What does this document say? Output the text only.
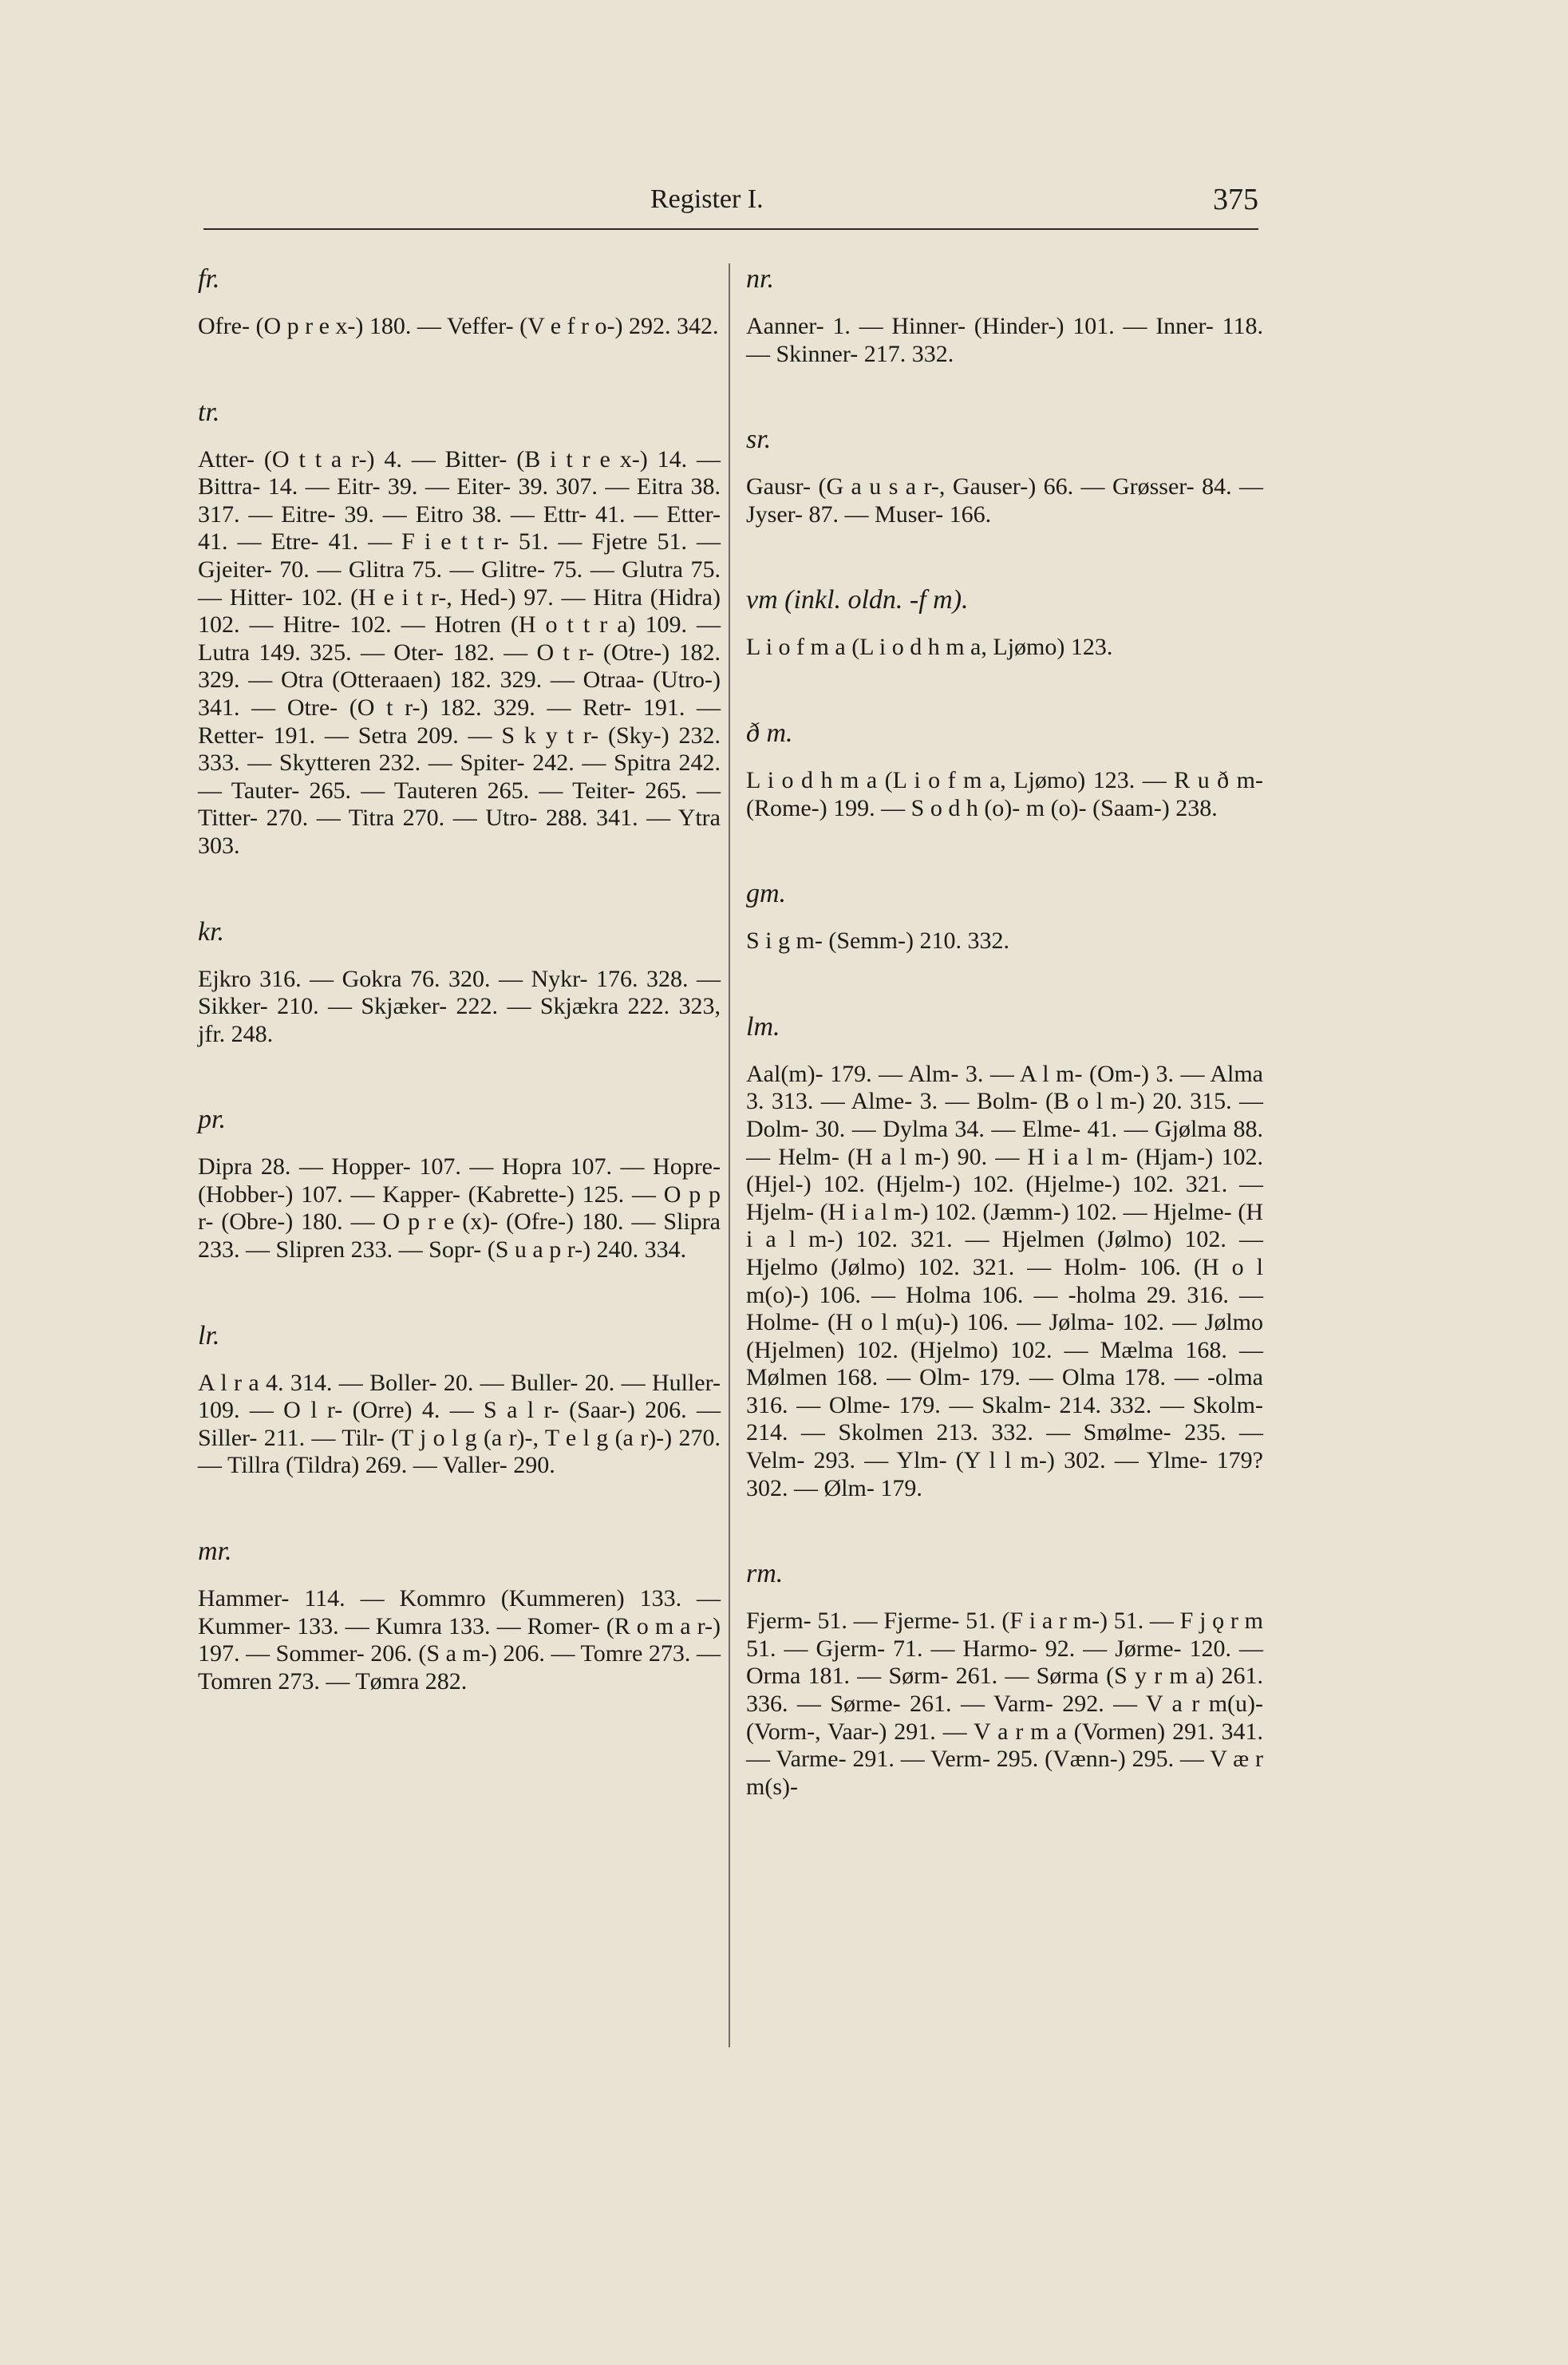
Register I.	375
fr.

Ofre- (O p r e x-) 180. — Veffer- (V e f r o-) 292. 342.

tr.

Atter- (O t t a r-) 4. — Bitter- (B i t r e x-) 14. — Bittra- 14. — Eitr- 39. — Eiter- 39. 307. — Eitra 38. 317. — Eitre- 39. — Eitro 38. — Ettr- 41. — Etter- 41. — Etre- 41. — F i e t t r- 51. — Fjetre 51. — Gjeiter- 70. — Glitra 75. — Glitre- 75. — Glutra 75. — Hitter- 102. (H e i t r-, Hed-) 97. — Hitra (Hidra) 102. — Hitre- 102. — Hotren (H o t t r a) 109. — Lutra 149. 325. — Oter- 182. — O t r- (Otre-) 182. 329. — Otra (Otteraaen) 182. 329. — Otraa- (Utro-) 341. — Otre- (O t r-) 182. 329. — Retr- 191. — Retter- 191. — Setra 209. — S k y t r- (Sky-) 232. 333. — Skytteren 232. — Spiter- 242. — Spitra 242. — Tauter- 265. — Tauteren 265. — Teiter- 265. — Titter- 270. — Titra 270. — Utro- 288. 341. — Ytra 303.

kr.

Ejkro 316. — Gokra 76. 320. — Nykr- 176. 328. — Sikker- 210. — Skjæker- 222. — Skjækra 222. 323, jfr. 248.

pr.

Dipra 28. — Hopper- 107. — Hopra 107. — Hopre- (Hobber-) 107. — Kapper- (Kabrette-) 125. — O p p r- (Obre-) 180. — O p r e (x)- (Ofre-) 180. — Slipra 233. — Slipren 233. — Sopr- (S u a p r-) 240. 334.

lr.

A l r a 4. 314. — Boller- 20. — Buller- 20. — Huller- 109. — O l r- (Orre) 4. — S a l r- (Saar-) 206. — Siller- 211. — Tilr- (T j o l g (a r)-, T e l g (a r)-) 270. — Tillra (Tildra) 269. — Valler- 290.

mr.

Hammer- 114. — Kommro (Kummeren) 133. — Kummer- 133. — Kumra 133. — Romer- (R o m a r-) 197. — Sommer- 206. (S a m-) 206. — Tomre 273. — Tomren 273. — Tømra 282.

nr.

Aanner- 1. — Hinner- (Hinder-) 101. — Inner- 118. — Skinner- 217. 332.

sr.

Gausr- (G a u s a r-, Gauser-) 66. — Grøsser- 84. — Jyser- 87. — Muser- 166.

vm (inkl. oldn. -f m).

L i o f m a (L i o d h m a, Ljømo) 123.

ð m.

L i o d h m a (L i o f m a, Ljømo) 123. — R u ð m- (Rome-) 199. — S o d h (o)- m (o)- (Saam-) 238.

gm.

S i g m- (Semm-) 210. 332.

lm.

Aal(m)- 179. — Alm- 3. — A l m- (Om-) 3. — Alma 3. 313. — Alme- 3. — Bolm- (B o l m-) 20. 315. — Dolm- 30. — Dylma 34. — Elme- 41. — Gjølma 88. — Helm- (H a l m-) 90. — H i a l m- (Hjam-) 102. (Hjel-) 102. (Hjelm-) 102. (Hjelme-) 102. 321. — Hjelm- (H i a l m-) 102. (Jæmm-) 102. — Hjelme- (H i a l m-) 102. 321. — Hjelmen (Jølmo) 102. — Hjelmo (Jølmo) 102. 321. — Holm- 106. (H o l m(o)-) 106. — Holma 106. — -holma 29. 316. — Holme- (H o l m(u)-) 106. — Jølma- 102. — Jølmo (Hjelmen) 102. (Hjelmo) 102. — Mælma 168. — Mølmen 168. — Olm- 179. — Olma 178. — -olma 316. — Olme- 179. — Skalm- 214. 332. — Skolm- 214. — Skolmen 213. 332. — Smølme- 235. — Velm- 293. — Ylm- (Y l l m-) 302. — Ylme- 179? 302. — Ølm- 179.

rm.

Fjerm- 51. — Fjerme- 51. (F i a r m-) 51. — F j ǫ r m 51. — Gjerm- 71. — Harmo- 92. — Jørme- 120. — Orma 181. — Sørm- 261. — Sørma (S y r m a) 261. 336. — Sørme- 261. — Varm- 292. — V a r m(u)- (Vorm-, Vaar-) 291. — V a r m a (Vormen) 291. 341. — Varme- 291. — Verm- 295. (Vænn-) 295. — V æ r m(s)-
